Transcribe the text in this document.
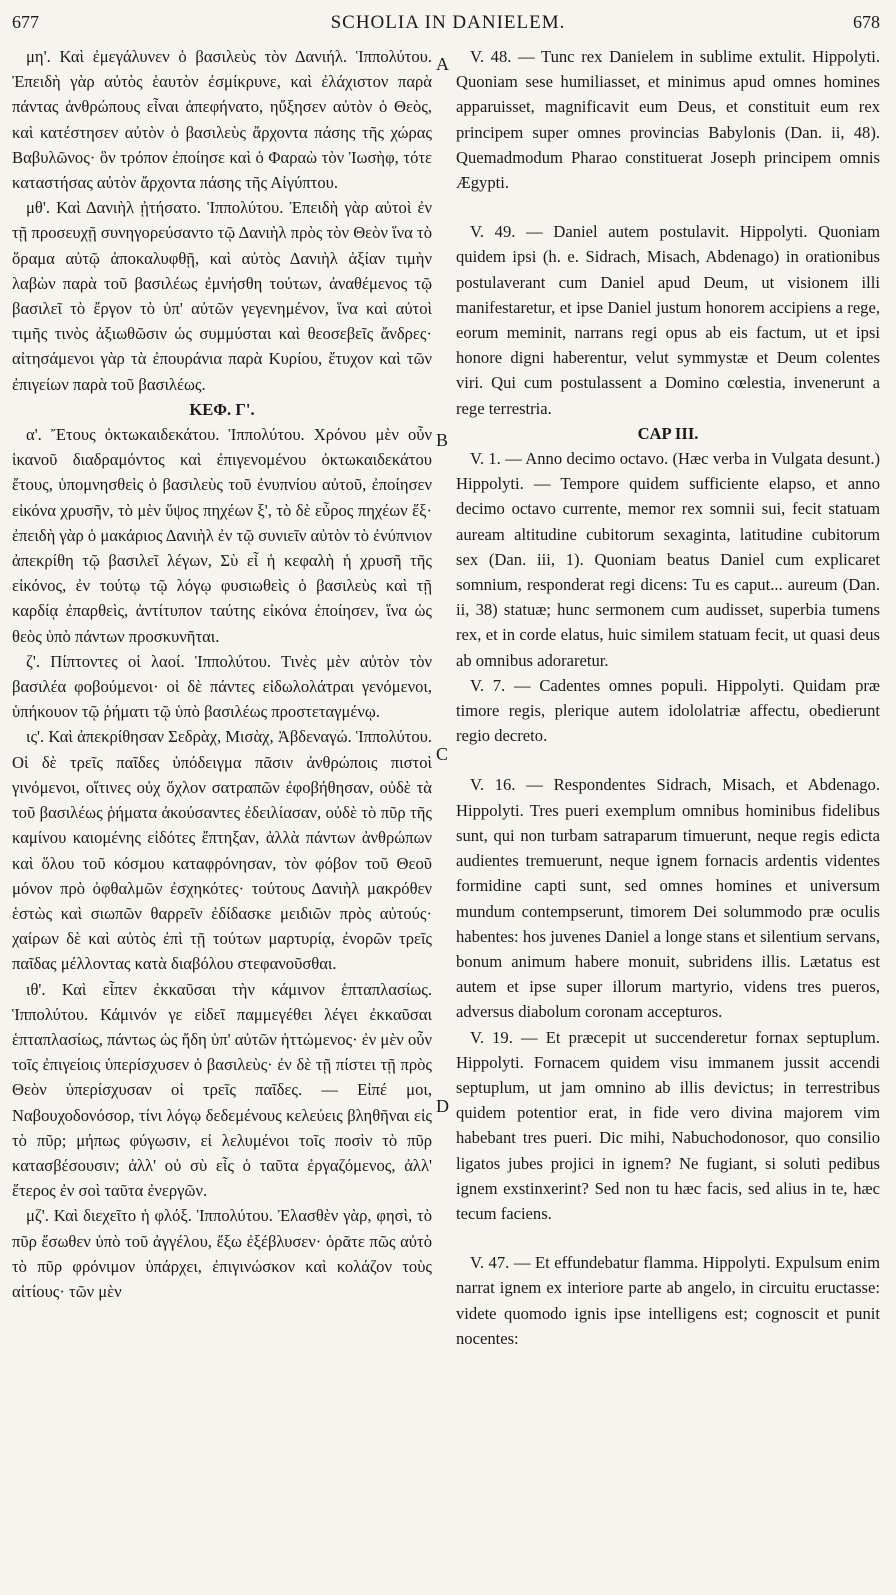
677	SCHOLIA IN DANIELEM.	678

μη'. Καὶ ἐμεγάλυνεν ὁ βασιλεὺς τὸν Δανιήλ. Ἱππολύτου. Ἐπειδὴ γὰρ αὐτὸς ἑαυτὸν ἐσμίκρυνε, καὶ ἐλάχιστον παρὰ πάντας ἀνθρώπους εἶναι ἀπεφήνατο, ηὔξησεν αὐτὸν ὁ Θεὸς, καὶ κατέστησεν αὐτὸν ὁ βασιλεὺς ἄρχοντα πάσης τῆς χώρας Βαβυλῶνος· ὃν τρόπον ἐποίησε καὶ ὁ Φαραὼ τὸν Ἰωσὴφ, τότε καταστήσας αὐτὸν ἄρχοντα πάσης τῆς Αἰγύπτου.

μθ'. Καὶ Δανιὴλ ᾐτήσατο. Ἱππολύτου. Ἐπειδὴ γὰρ αὐτοὶ ἐν τῇ προσευχῇ συνηγορεύσαντο τῷ Δανιὴλ πρὸς τὸν Θεὸν ἵνα τὸ ὅραμα αὐτῷ ἀποκαλυφθῇ, καὶ αὐτὸς Δανιὴλ ἀξίαν τιμὴν λαβὼν παρὰ τοῦ βασιλέως ἐμνήσθη τούτων, ἀναθέμενος τῷ βασιλεῖ τὸ ἔργον τὸ ὑπ' αὐτῶν γεγενημένον, ἵνα καὶ αὐτοὶ τιμῆς τινὸς ἀξιωθῶσιν ὡς συμμύσται καὶ θεοσεβεῖς ἄνδρες· αἰτησάμενοι γὰρ τὰ ἐπουράνια παρὰ Κυρίου, ἔτυχον καὶ τῶν ἐπιγείων παρὰ τοῦ βασιλέως.

ΚΕΦ. Γ'.

α'. Ἔτους ὀκτωκαιδεκάτου. Ἱππολύτου. Χρόνου μὲν οὖν ἱκανοῦ διαδραμόντος καὶ ἐπιγενομένου ὀκτωκαιδεκάτου ἔτους, ὑπομνησθεὶς ὁ βασιλεὺς τοῦ ἐνυπνίου αὐτοῦ, ἐποίησεν εἰκόνα χρυσῆν, τὸ μὲν ὕψος πηχέων ξ', τὸ δὲ εὖρος πηχέων ἕξ· ἐπειδὴ γὰρ ὁ μακάριος Δανιὴλ ἐν τῷ συνιεῖν αὐτὸν τὸ ἐνύπνιον ἀπεκρίθη τῷ βασιλεῖ λέγων, Σὺ εἶ ἡ κεφαλὴ ἡ χρυσῆ τῆς εἰκόνος, ἐν τούτῳ τῷ λόγῳ φυσιωθεὶς ὁ βασιλεὺς καὶ τῇ καρδίᾳ ἐπαρθεὶς, ἀντίτυπον ταύτης εἰκόνα ἐποίησεν, ἵνα ὡς θεὸς ὑπὸ πάντων προσκυνῆται.

ζ'. Πίπτοντες οἱ λαοί. Ἱππολύτου. Τινὲς μὲν αὐτὸν τὸν βασιλέα φοβούμενοι· οἱ δὲ πάντες εἰδωλολάτραι γενόμενοι, ὑπήκουον τῷ ῥήματι τῷ ὑπὸ βασιλέως προστεταγμένῳ.

ις'. Καὶ ἀπεκρίθησαν Σεδρὰχ, Μισὰχ, Ἀβδεναγώ. Ἱππολύτου. Οἱ δὲ τρεῖς παῖδες ὑπόδειγμα πᾶσιν ἀνθρώποις πιστοὶ γινόμενοι, οἵτινες οὐχ ὄχλον σατραπῶν ἐφοβήθησαν, οὐδὲ τὰ τοῦ βασιλέως ῥήματα ἀκούσαντες ἐδειλίασαν, οὐδὲ τὸ πῦρ τῆς καμίνου καιομένης εἰδότες ἔπτηξαν, ἀλλὰ πάντων ἀνθρώπων καὶ ὅλου τοῦ κόσμου καταφρόνησαν, τὸν φόβον τοῦ Θεοῦ μόνον πρὸ ὀφθαλμῶν ἐσχηκότες· τούτους Δανιὴλ μακρόθεν ἑστὼς καὶ σιωπῶν θαρρεῖν ἐδίδασκε μειδιῶν πρὸς αὐτούς· χαίρων δὲ καὶ αὐτὸς ἐπὶ τῇ τούτων μαρτυρίᾳ, ἐνορῶν τρεῖς παῖδας μέλλοντας κατὰ διαβόλου στεφανοῦσθαι.

ιθ'. Καὶ εἶπεν ἐκκαῦσαι τὴν κάμινον ἑπταπλασίως. Ἱππολύτου. Κάμινόν γε εἰδεῖ παμμεγέθει λέγει ἐκκαῦσαι ἑπταπλασίως, πάντως ὡς ἤδη ὑπ' αὐτῶν ἡττώμενος· ἐν μὲν οὖν τοῖς ἐπιγείοις ὑπερίσχυσεν ὁ βασιλεὺς· ἐν δὲ τῇ πίστει τῇ πρὸς Θεὸν ὑπερίσχυσαν οἱ τρεῖς παῖδες. — Εἰπέ μοι, Ναβουχοδονόσορ, τίνι λόγῳ δεδεμένους κελεύεις βληθῆναι εἰς τὸ πῦρ; μήπως φύγωσιν, εἰ λελυμένοι τοῖς ποσὶν τὸ πῦρ κατασβέσουσιν; ἀλλ' οὐ σὺ εἶς ὁ ταῦτα ἐργαζόμενος, ἀλλ' ἕτερος ἐν σοὶ ταῦτα ἐνεργῶν.

μζ'. Καὶ διεχεῖτο ἡ φλόξ. Ἱππολύτου. Ἐλασθὲν γὰρ, φησὶ, τὸ πῦρ ἔσωθεν ὑπὸ τοῦ ἀγγέλου, ἔξω ἐξέβλυσεν· ὁρᾶτε πῶς αὐτὸ τὸ πῦρ φρόνιμον ὑπάρχει, ἐπιγινώσκον καὶ κολάζον τοὺς αἰτίους· τῶν μὲν

A
B
C
D

V. 48. — Tunc rex Danielem in sublime extulit. Hippolyti. Quoniam sese humiliasset, et minimus apud omnes homines apparuisset, magnificavit eum Deus, et constituit eum rex principem super omnes provincias Babylonis (Dan. ii, 48). Quemadmodum Pharao constituerat Joseph principem omnis Ægypti.

V. 49. — Daniel autem postulavit. Hippolyti. Quoniam quidem ipsi (h. e. Sidrach, Misach, Abdenago) in orationibus postulaverant cum Daniel apud Deum, ut visionem illi manifestaretur, et ipse Daniel justum honorem accipiens a rege, eorum meminit, narrans regi opus ab eis factum, ut et ipsi honore digni haberentur, velut symmystæ et Deum colentes viri. Qui cum postulassent a Domino cœlestia, invenerunt a rege terrestria.

CAP III.

V. 1. — Anno decimo octavo. (Hæc verba in Vulgata desunt.) Hippolyti. — Tempore quidem sufficiente elapso, et anno decimo octavo currente, memor rex somnii sui, fecit statuam auream altitudine cubitorum sexaginta, latitudine cubitorum sex (Dan. iii, 1). Quoniam beatus Daniel cum explicaret somnium, responderat regi dicens: Tu es caput... aureum (Dan. ii, 38) statuæ; hunc sermonem cum audisset, superbia tumens rex, et in corde elatus, huic similem statuam fecit, ut quasi deus ab omnibus adoraretur.

V. 7. — Cadentes omnes populi. Hippolyti. Quidam præ timore regis, plerique autem idololatriæ affectu, obedierunt regio decreto.

V. 16. — Respondentes Sidrach, Misach, et Abdenago. Hippolyti. Tres pueri exemplum omnibus hominibus fidelibus sunt, qui non turbam satraparum timuerunt, neque regis edicta audientes tremuerunt, neque ignem fornacis ardentis videntes formidine capti sunt, sed omnes homines et universum mundum contempserunt, timorem Dei solummodo præ oculis habentes: hos juvenes Daniel a longe stans et silentium servans, bonum animum habere monuit, subridens illis. Lætatus est autem et ipse super illorum martyrio, videns tres pueros, adversus diabolum coronam accepturos.

V. 19. — Et præcepit ut succenderetur fornax septuplum. Hippolyti. Fornacem quidem visu immanem jussit accendi septuplum, ut jam omnino ab illis devictus; in terrestribus quidem potentior erat, in fide vero divina majorem vim habebant tres pueri. Dic mihi, Nabuchodonosor, quo consilio ligatos jubes projici in ignem? Ne fugiant, si soluti pedibus ignem exstinxerint? Sed non tu hæc facis, sed alius in te, hæc tecum faciens.

V. 47. — Et effundebatur flamma. Hippolyti. Expulsum enim narrat ignem ex interiore parte ab angelo, in circuitu eructasse: videte quomodo ignis ipse intelligens est; cognoscit et punit nocentes:
